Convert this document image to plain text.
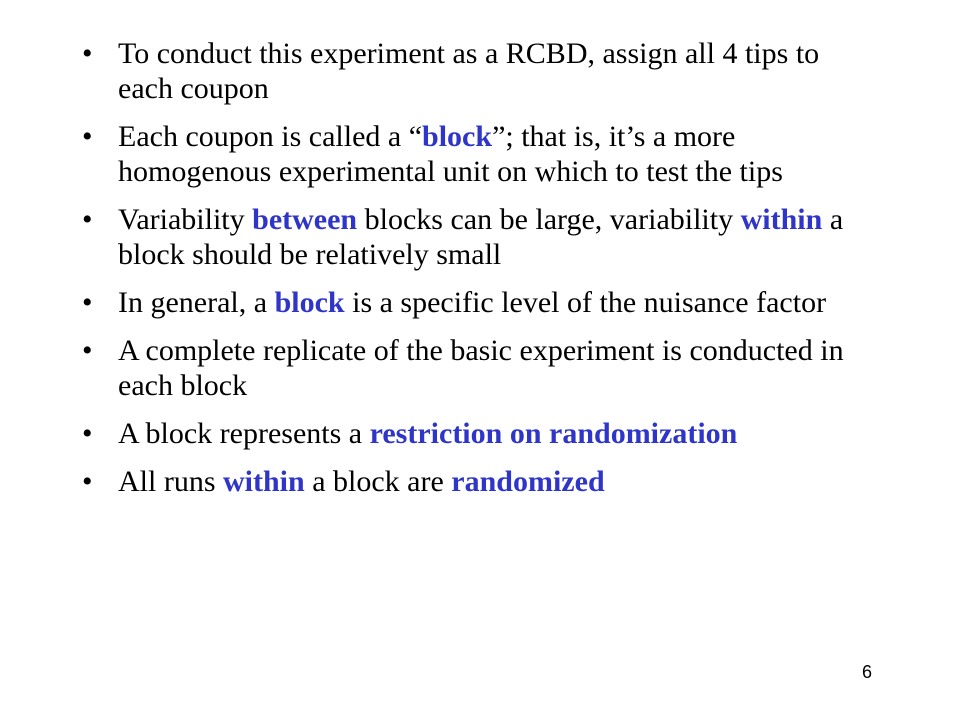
• To conduct this experiment as a RCBD, assign all 4 tips to each coupon
• Each coupon is called a “block”; that is, it’s a more homogenous experimental unit on which to test the tips
• Variability between blocks can be large, variability within a block should be relatively small
• In general, a block is a specific level of the nuisance factor
• A complete replicate of the basic experiment is conducted in each block
• A block represents a restriction on randomization
• All runs within a block are randomized
6
